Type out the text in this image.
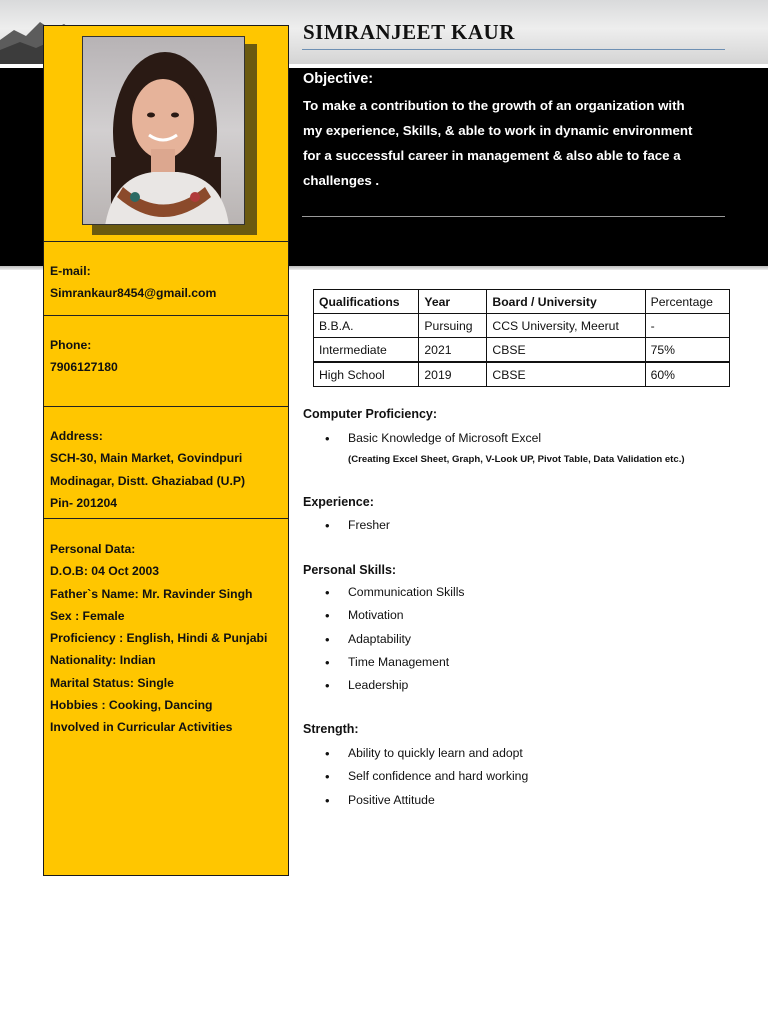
SIMRANJEET KAUR
Objective:
To make a contribution to the growth of an organization with
my experience, Skills, & able to work in dynamic environment
for a successful career in management & also able to face a
challenges .
E-mail:
Simrankaur8454@gmail.com
Phone:
7906127180
Address:
SCH-30, Main Market, Govindpuri
Modinagar, Distt. Ghaziabad (U.P)
Pin- 201204
Personal Data:
D.O.B: 04 Oct 2003
Father`s Name: Mr. Ravinder Singh
Sex : Female
Proficiency : English, Hindi & Punjabi
Nationality: Indian
Marital Status: Single
Hobbies : Cooking, Dancing
Involved in Curricular Activities
Qualifications	Year	Board / University	Percentage
B.B.A.	Pursuing	CCS University, Meerut	-
Intermediate	2021	CBSE	75%
High School	2019	CBSE	60%
Computer Proficiency:
• Basic Knowledge of Microsoft Excel
(Creating Excel Sheet, Graph, V-Look UP, Pivot Table, Data Validation etc.)
Experience:
• Fresher
Personal Skills:
• Communication Skills
• Motivation
• Adaptability
• Time Management
• Leadership
Strength:
• Ability to quickly learn and adopt
• Self confidence and hard working
• Positive Attitude
